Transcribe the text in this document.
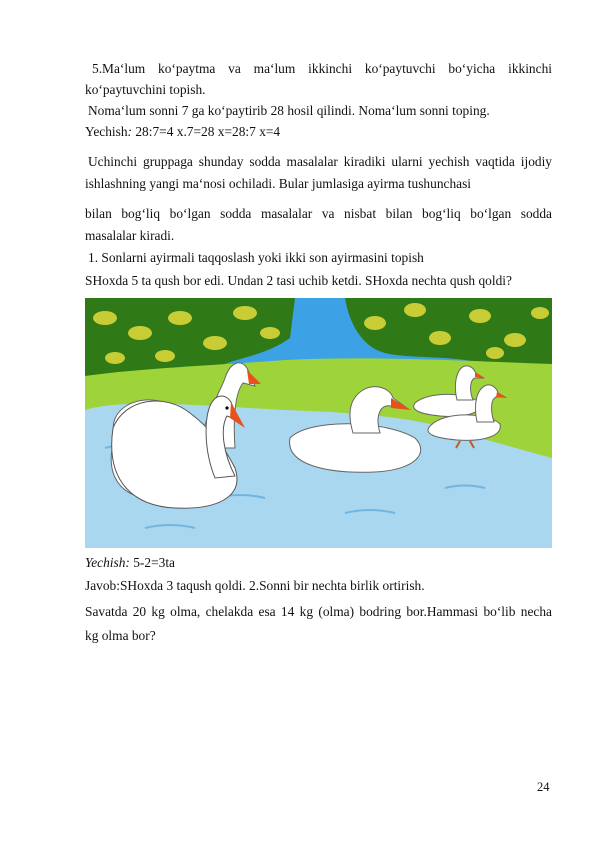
5.Ma‘lum ko‘paytma va ma‘lum ikkinchi ko‘paytuvchi bo‘yicha ikkinchi
ko‘paytuvchini topish.
Noma‘lum sonni 7 ga ko‘paytirib 28 hosil qilindi. Noma‘lum sonni toping.
Yechish: 28:7=4 x.7=28 x=28:7 x=4
Uchinchi gruppaga shunday sodda masalalar kiradiki ularni yechish vaqtida ijodiy
ishlashning yangi ma‘nosi ochiladi. Bular jumlasiga ayirma tushunchasi
bilan bog‘liq bo‘lgan sodda masalalar va nisbat bilan bog‘liq bo‘lgan sodda
masalalar kiradi.
1. Sonlarni ayirmali taqqoslash yoki ikki son ayirmasini topish
SHoxda 5 ta qush bor edi. Undan 2 tasi uchib ketdi. SHoxda nechta qush qoldi?
Yechish: 5-2=3ta
Javob:SHoxda 3 taqush qoldi. 2.Sonni bir nechta birlik ortirish.
Savatda 20 kg olma, chelakda esa 14 kg (olma) bodring bor.Hammasi bo‘lib necha
kg olma bor?
24
